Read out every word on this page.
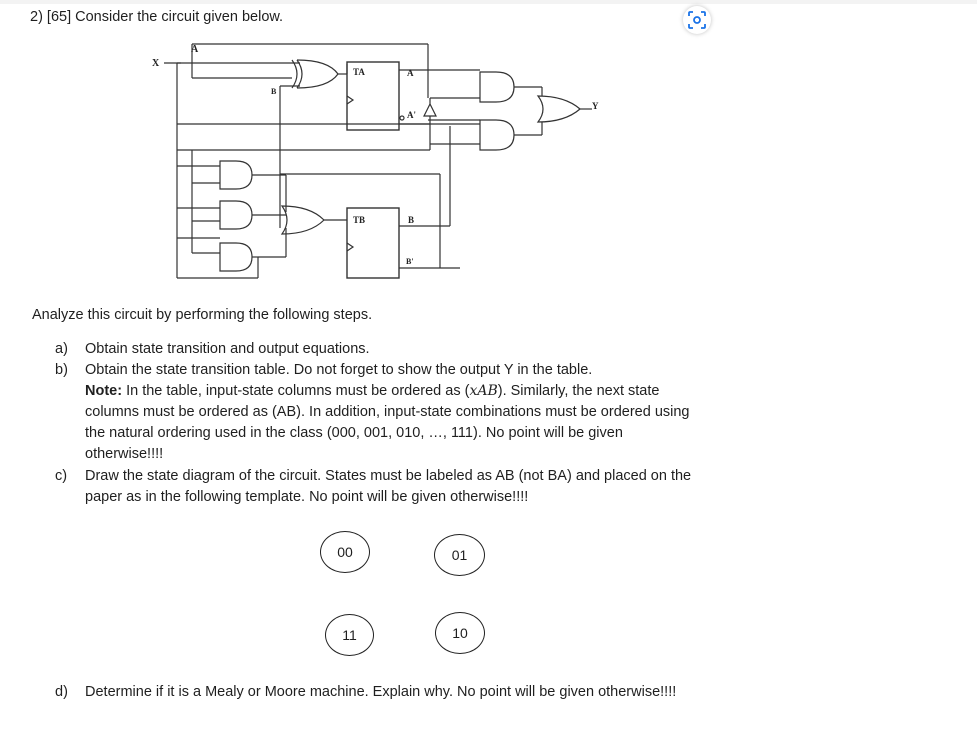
2) [65] Consider the circuit given below.
X
A
B
TA	A
A'
TB	B
B'
Y
Analyze this circuit by performing the following steps.
a)	Obtain state transition and output equations.
b)	Obtain the state transition table. Do not forget to show the output Y in the table.
Note: In the table, input-state columns must be ordered as (xAB). Similarly, the next state
columns must be ordered as (AB). In addition, input-state combinations must be ordered using
the natural ordering used in the class (000, 001, 010, …, 111). No point will be given
otherwise!!!!
c)	Draw the state diagram of the circuit. States must be labeled as AB (not BA) and placed on the
paper as in the following template. No point will be given otherwise!!!!
00	01
11	10
d)	Determine if it is a Mealy or Moore machine. Explain why. No point will be given otherwise!!!!
